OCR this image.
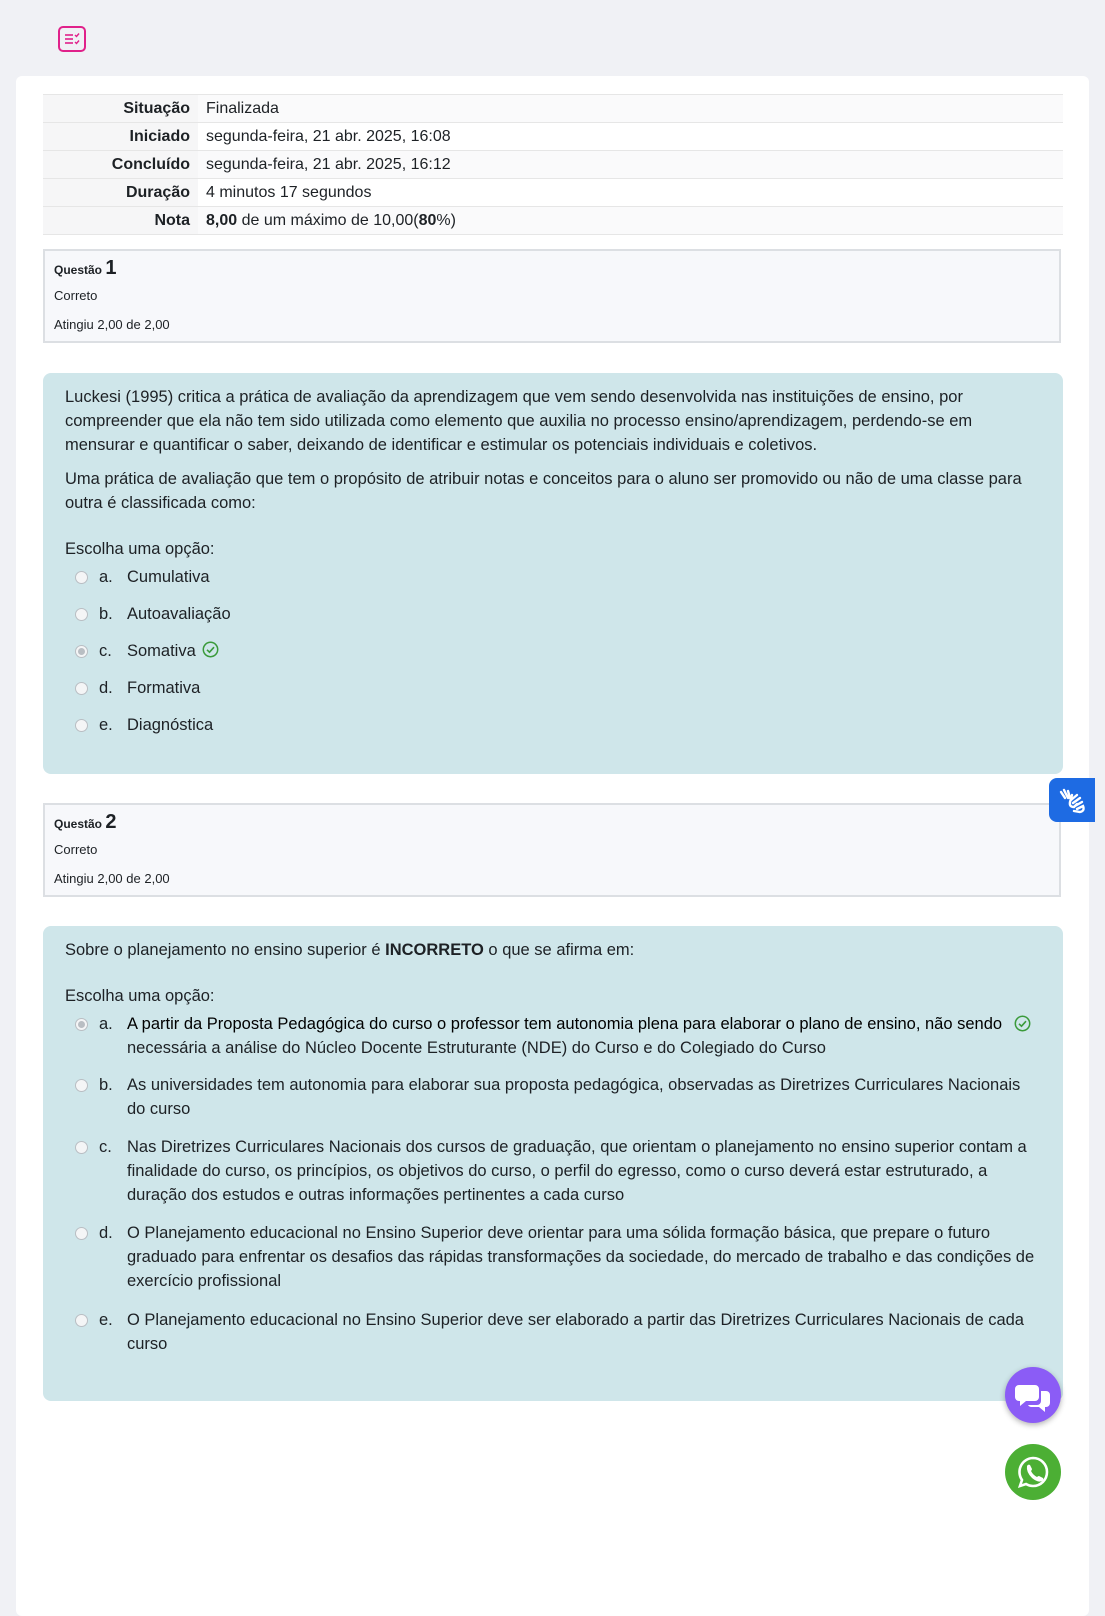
Situação	Finalizada
Iniciado	segunda-feira, 21 abr. 2025, 16:08
Concluído	segunda-feira, 21 abr. 2025, 16:12
Duração	4 minutos 17 segundos
Nota	8,00 de um máximo de 10,00(80%)
Questão 1
Correto
Atingiu 2,00 de 2,00

Luckesi (1995) critica a prática de avaliação da aprendizagem que vem sendo desenvolvida nas instituições de ensino, por compreender que ela não tem sido utilizada como elemento que auxilia no processo ensino/aprendizagem, perdendo-se em mensurar e quantificar o saber, deixando de identificar e estimular os potenciais individuais e coletivos.

Uma prática de avaliação que tem o propósito de atribuir notas e conceitos para o aluno ser promovido ou não de uma classe para outra é classificada como:

Escolha uma opção:
a. Cumulativa
b. Autoavaliação
c. Somativa
d. Formativa
e. Diagnóstica
Questão 2
Correto
Atingiu 2,00 de 2,00

Sobre o planejamento no ensino superior é INCORRETO o que se afirma em:

Escolha uma opção:
a. A partir da Proposta Pedagógica do curso o professor tem autonomia plena para elaborar o plano de ensino, não sendo necessária a análise do Núcleo Docente Estruturante (NDE) do Curso e do Colegiado do Curso
b. As universidades tem autonomia para elaborar sua proposta pedagógica, observadas as Diretrizes Curriculares Nacionais do curso
c. Nas Diretrizes Curriculares Nacionais dos cursos de graduação, que orientam o planejamento no ensino superior contam a finalidade do curso, os princípios, os objetivos do curso, o perfil do egresso, como o curso deverá estar estruturado, a duração dos estudos e outras informações pertinentes a cada curso
d. O Planejamento educacional no Ensino Superior deve orientar para uma sólida formação básica, que prepare o futuro graduado para enfrentar os desafios das rápidas transformações da sociedade, do mercado de trabalho e das condições de exercício profissional
e. O Planejamento educacional no Ensino Superior deve ser elaborado a partir das Diretrizes Curriculares Nacionais de cada curso
